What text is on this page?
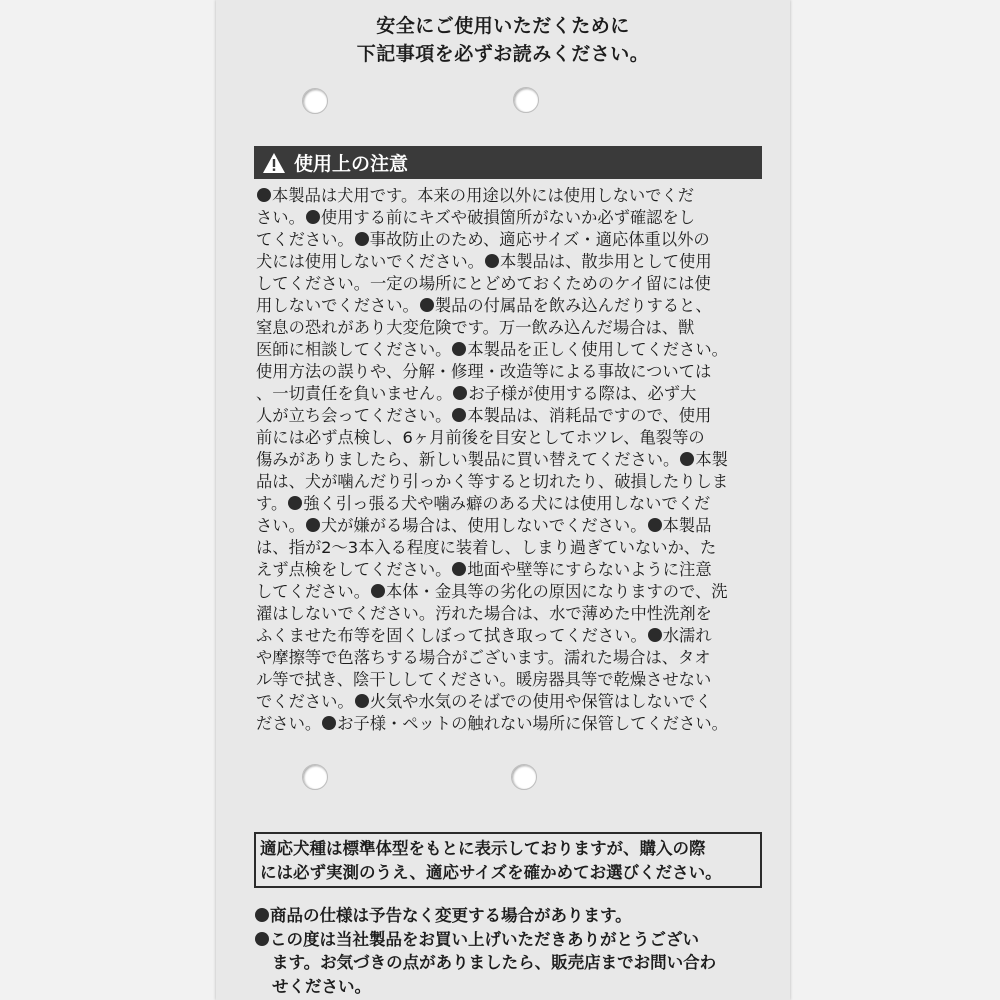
安全にご使用いただくために
下記事項を必ずお読みください。
使用上の注意
本製品は犬用です。本来の用途以外には使用しないでくだ
さい。 使用する前にキズや破損箇所がないか必ず確認をし
てください。 事故防止のため、適応サイズ・適応体重以外の
犬には使用しないでください。 本製品は、散歩用として使用
してください。一定の場所にとどめておくためのケイ留には使
用しないでください。 製品の付属品を飲み込んだりすると、
窒息の恐れがあり大変危険です。万一飲み込んだ場合は、獣
医師に相談してください。 本製品を正しく使用してください。
使用方法の誤りや、分解・修理・改造等による事故については
、一切責任を負いません。 お子様が使用する際は、必ず大
人が立ち会ってください。 本製品は、消耗品ですので、使用
前には必ず点検し、6ヶ月前後を目安としてホツレ、亀裂等の
傷みがありましたら、新しい製品に買い替えてください。 本製
品は、犬が噛んだり引っかく等すると切れたり、破損したりしま
す。 強く引っ張る犬や噛み癖のある犬には使用しないでくだ
さい。 犬が嫌がる場合は、使用しないでください。 本製品
は、指が2〜3本入る程度に装着し、しまり過ぎていないか、た
えず点検をしてください。 地面や壁等にすらないように注意
してください。 本体・金具等の劣化の原因になりますので、洗
濯はしないでください。汚れた場合は、水で薄めた中性洗剤を
ふくませた布等を固くしぼって拭き取ってください。 水濡れ
や摩擦等で色落ちする場合がございます。濡れた場合は、タオ
ル等で拭き、陰干ししてください。暖房器具等で乾燥させない
でください。 火気や水気のそばでの使用や保管はしないでく
ださい。 お子様・ペットの触れない場所に保管してください。
適応犬種は標準体型をもとに表示しておりますが、購入の際
には必ず実測のうえ、適応サイズを確かめてお選びください。
商品の仕様は予告なく変更する場合があります。
この度は当社製品をお買い上げいただきありがとうござい
ます。お気づきの点がありましたら、販売店までお問い合わ
せください。
